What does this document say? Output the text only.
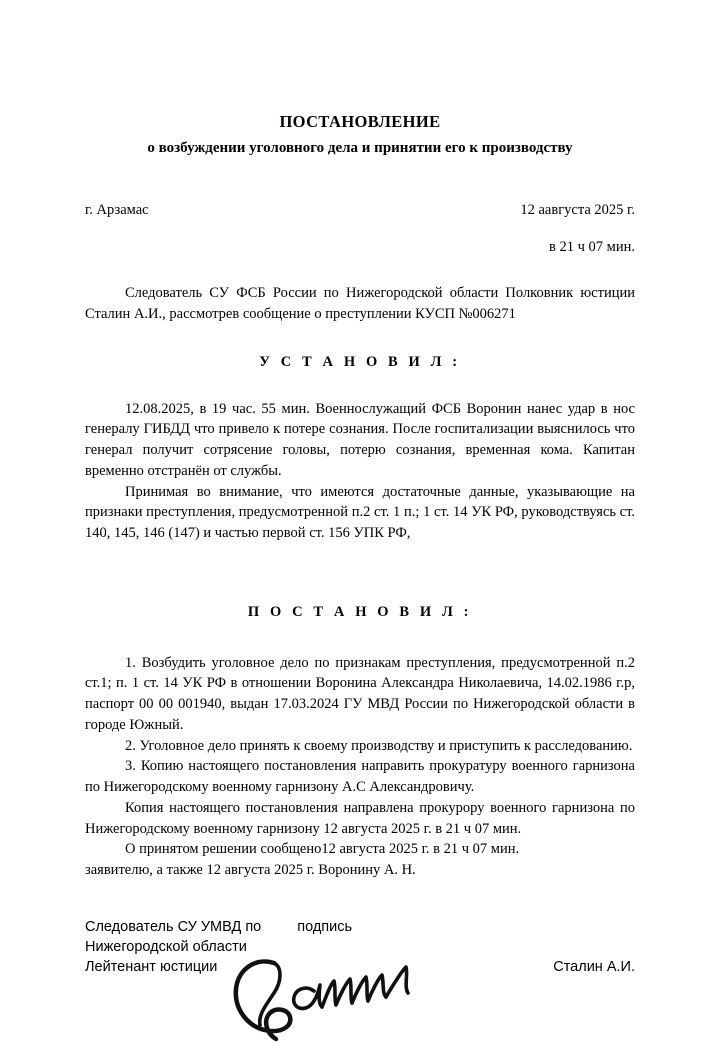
ПОСТАНОВЛЕНИЕ
о возбуждении уголовного дела и принятии его к производству
г. Арзамас	12 аавгуста 2025 г.
в 21 ч 07 мин.

Следователь СУ ФСБ России по Нижегородской области Полковник юстиции Сталин А.И., рассмотрев сообщение о преступлении КУСП №006271

У С Т А Н О В И Л :

12.08.2025, в 19 час. 55 мин. Военнослужащий ФСБ Воронин нанес удар в нос генералу ГИБДД что привело к потере сознания. После госпитализации выяснилось что генерал получит сотрясение головы, потерю сознания, временная кома. Капитан временно отстранён от службы.

Принимая во внимание, что имеются достаточные данные, указывающие на признаки преступления, предусмотренной п.2 ст. 1 п.; 1 ст. 14 УК РФ, руководствуясь ст. 140, 145, 146 (147) и частью первой ст. 156 УПК РФ,

П О С Т А Н О В И Л :

1. Возбудить уголовное дело по признакам преступления, предусмотренной п.2 ст.1; п. 1 ст. 14 УК РФ в отношении Воронина Александра Николаевича, 14.02.1986 г.р, паспорт 00 00 001940, выдан 17.03.2024 ГУ МВД России по Нижегородской области в городе Южный.

2. Уголовное дело принять к своему производству и приступить к расследованию.

3. Копию настоящего постановления направить прокуратуру военного гарнизона по Нижегородскому военному гарнизону А.С Александровичу.

Копия настоящего постановления направлена прокурору военного гарнизона по Нижегородскому военному гарнизону 12 августа 2025 г. в 21 ч 07 мин.

О принятом решении сообщено12 августа 2025 г. в 21 ч 07 мин.

заявителю, а также 12 августа 2025 г. Воронину А. Н.

Следователь СУ УМВД по подпись
Нижегородской области
Лейтенант юстиции	Сталин А.И.
